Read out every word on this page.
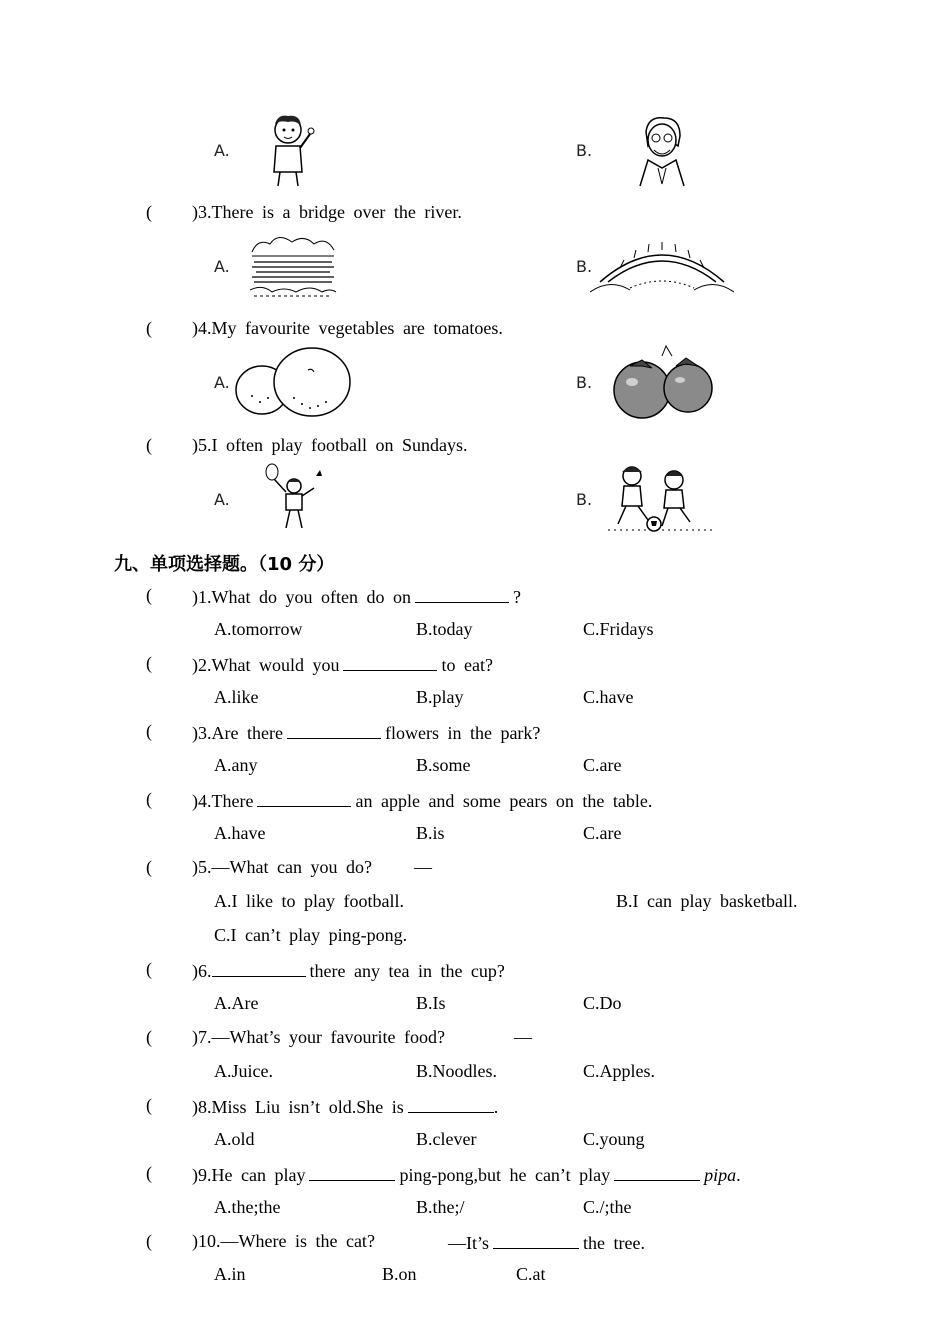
A.	B.
( )3.There is a bridge over the river.
A.	B.
( )4.My favourite vegetables are tomatoes.
A.	B.
( )5.I often play football on Sundays.
A.	B.
九、单项选择题。（10 分）
( )1.What do you often do on	?
A.tomorrow	B.today	C.Fridays
( )2.What would you	to eat?
A.like	B.play	C.have
( )3.Are there	flowers in the park?
A.any	B.some	C.are
( )4.There	an apple and some pears on the table.
A.have	B.is	C.are
( )5.—What can you do? —
A.I like to play football.	B.I can play basketball.
C.I can’t play ping-pong.
( )6.	there any tea in the cup?
A.Are	B.Is	C.Do
( )7.—What’s your favourite food?	—
A.Juice.	B.Noodles.	C.Apples.
( )8.Miss Liu isn’t old.She is	.
A.old	B.clever	C.young
( )9.He can play	ping-pong,but he can’t play	pipa.
A.the;the	B.the;/	C./;the
( )10.—Where is the cat?	—It’s	the tree.
A.in	B.on	C.at
